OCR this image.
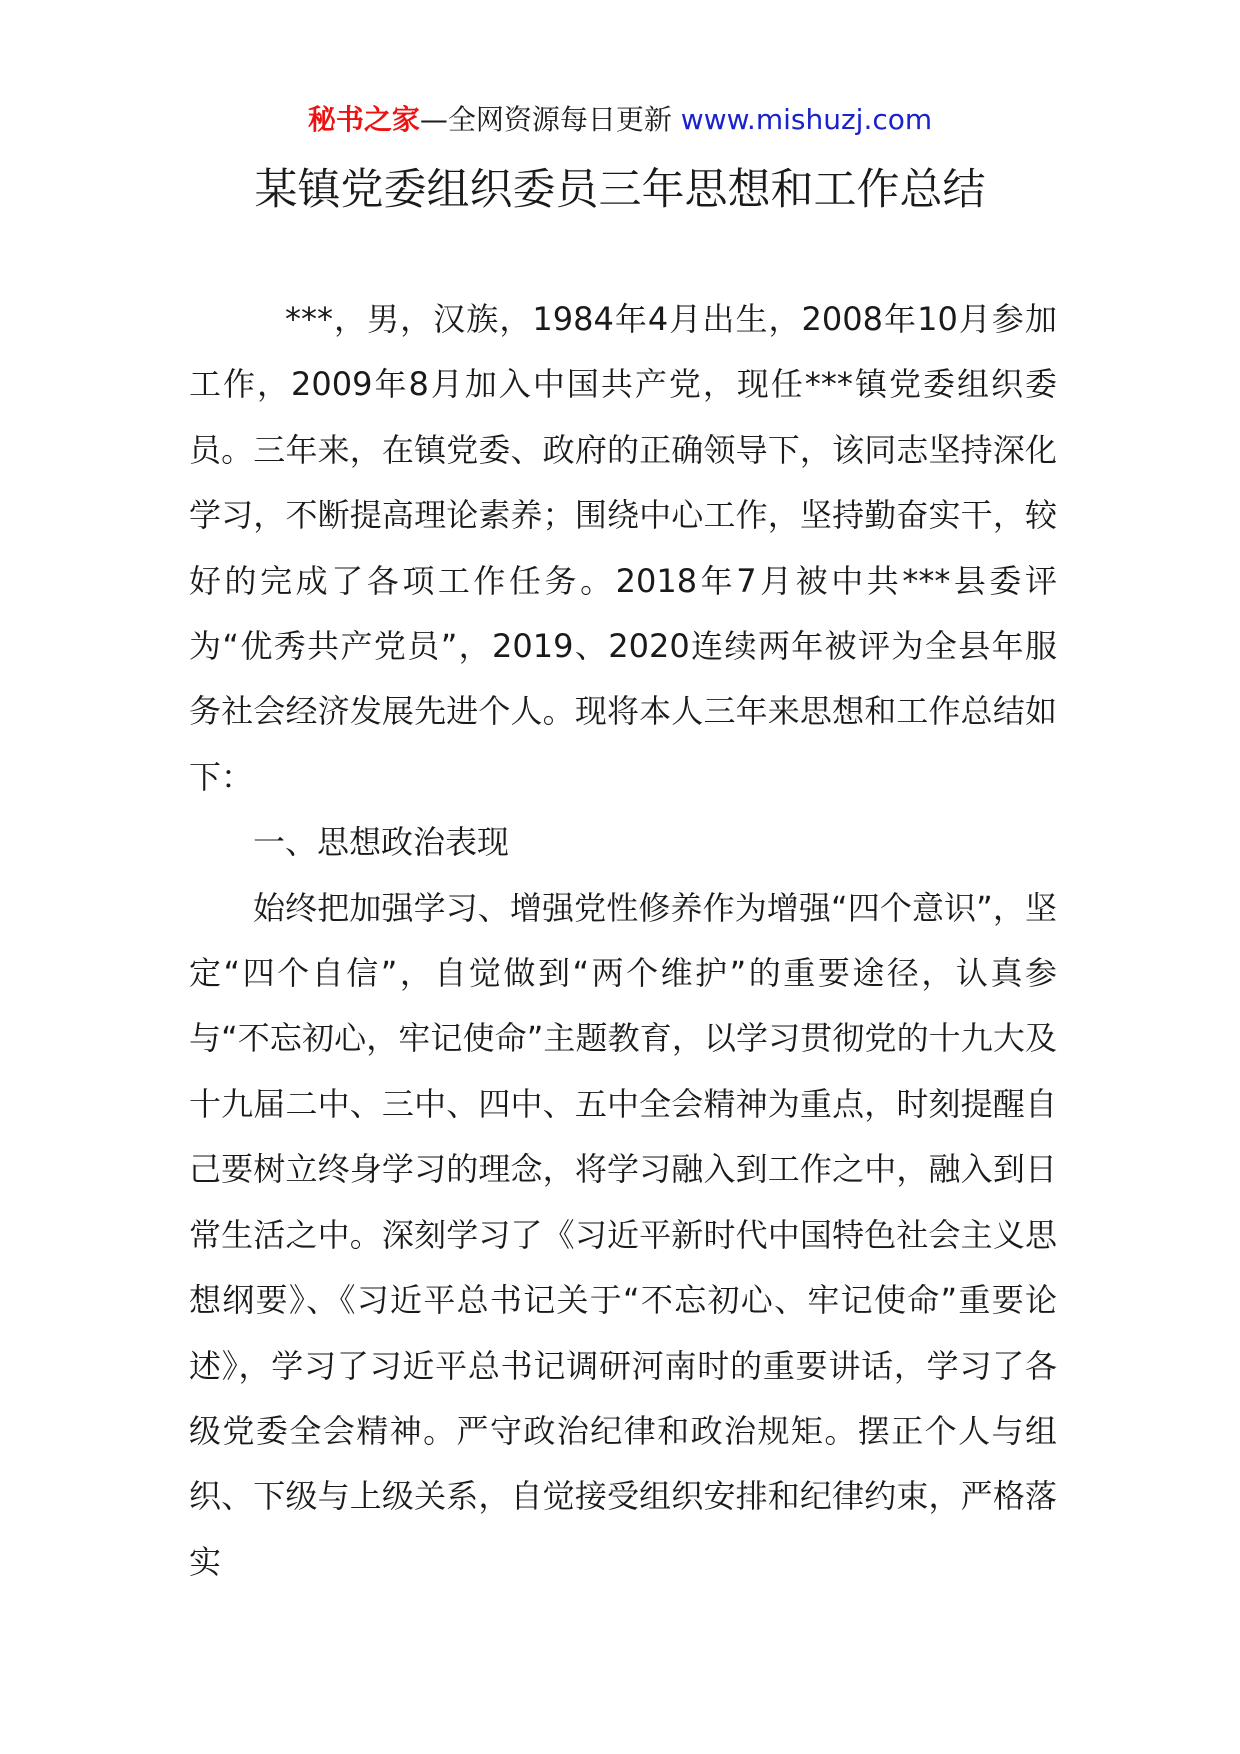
秘书之家—全网资源每日更新 www.mishuzj.com
某镇党委组织委员三年思想和工作总结

***，男，汉族，1984年4月出生，2008年10月参加工作，2009年8月加入中国共产党，现任***镇党委组织委员。三年来，在镇党委、政府的正确领导下，该同志坚持深化学习，不断提高理论素养；围绕中心工作，坚持勤奋实干，较好的完成了各项工作任务。2018年7月被中共***县委评为“优秀共产党员”，2019、2020连续两年被评为全县年服务社会经济发展先进个人。现将本人三年来思想和工作总结如下：

一、思想政治表现

始终把加强学习、增强党性修养作为增强“四个意识”，坚定“四个自信”，自觉做到“两个维护”的重要途径，认真参与“不忘初心，牢记使命”主题教育，以学习贯彻党的十九大及十九届二中、三中、四中、五中全会精神为重点，时刻提醒自己要树立终身学习的理念，将学习融入到工作之中，融入到日常生活之中。深刻学习了《习近平新时代中国特色社会主义思想纲要》、《习近平总书记关于“不忘初心、牢记使命”重要论述》，学习了习近平总书记调研河南时的重要讲话，学习了各级党委全会精神。严守政治纪律和政治规矩。摆正个人与组织、下级与上级关系，自觉接受组织安排和纪律约束，严格落实
